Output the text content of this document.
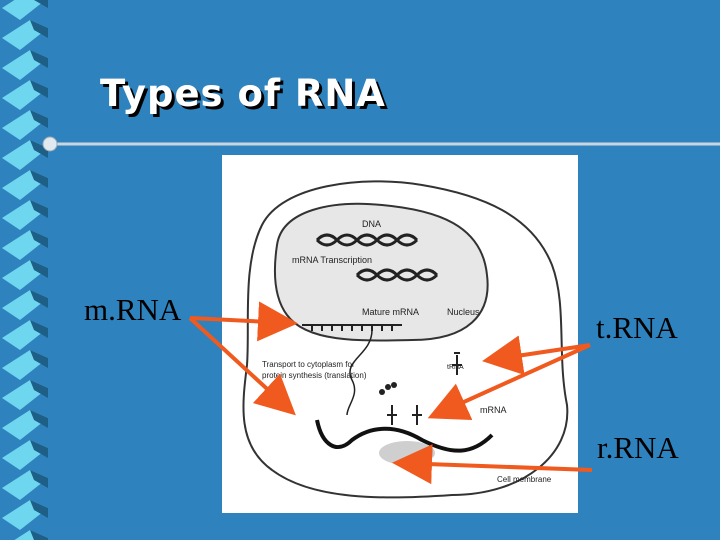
Types of RNA
DNA
mRNA Transcription
Mature mRNA	Nucleus
tRNA
Transport to cytoplasm for
protein synthesis (translation)
mRNA
Cell membrane
m.RNA
t.RNA
r.RNA
